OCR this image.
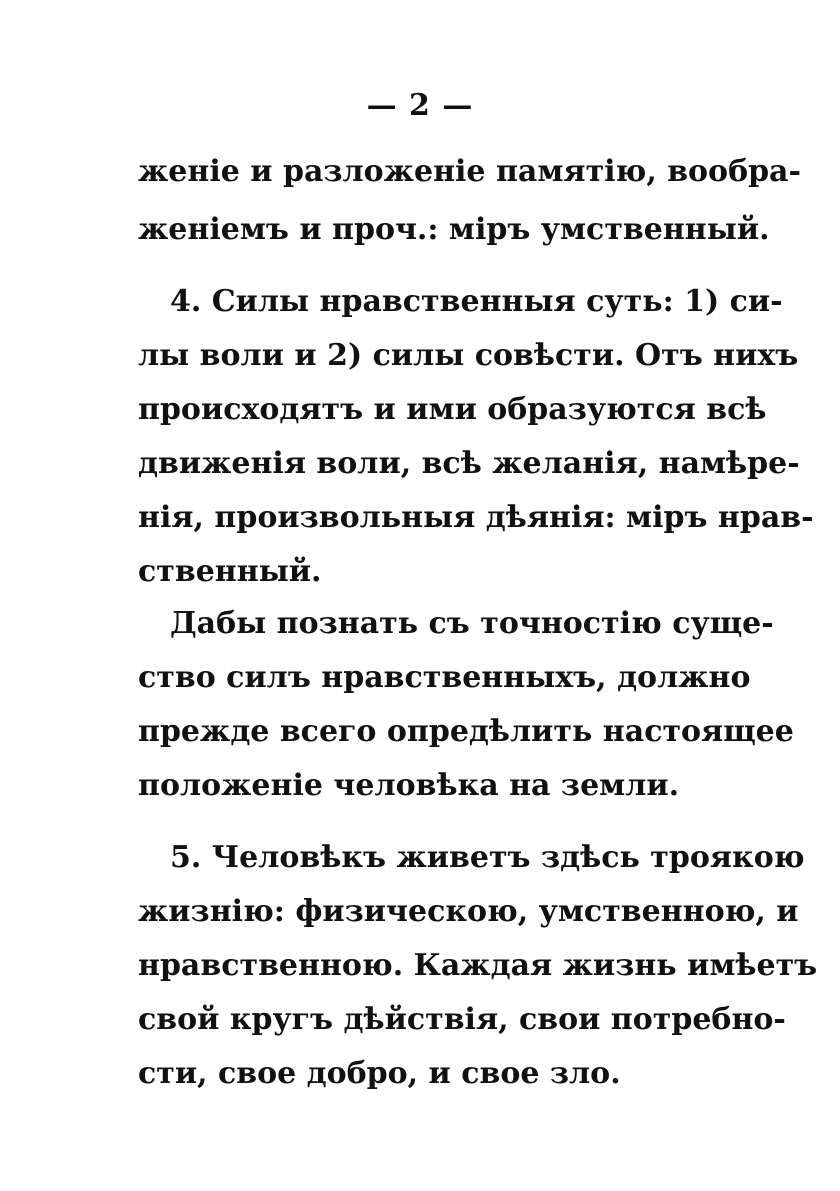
— 2 —
женіе и разложеніе памятію, вообра-
женіемъ и проч.: міръ умственный.
4. Силы нравственныя суть: 1) си-
лы воли и 2) силы совѣсти. Отъ нихъ
происходятъ и ими образуются всѣ
движенія воли, всѣ желанія, намѣре-
нія, произвольныя дѣянія: міръ нрав-
ственный.
Дабы познать съ точностію суще-
ство силъ нравственныхъ, должно
прежде всего опредѣлить настоящее
положеніе человѣка на земли.
5. Человѣкъ живетъ здѣсь троякою
жизнію: физическою, умственною, и
нравственною. Каждая жизнь имѣетъ
свой кругъ дѣйствія, свои потребно-
сти, свое добро, и свое зло.
